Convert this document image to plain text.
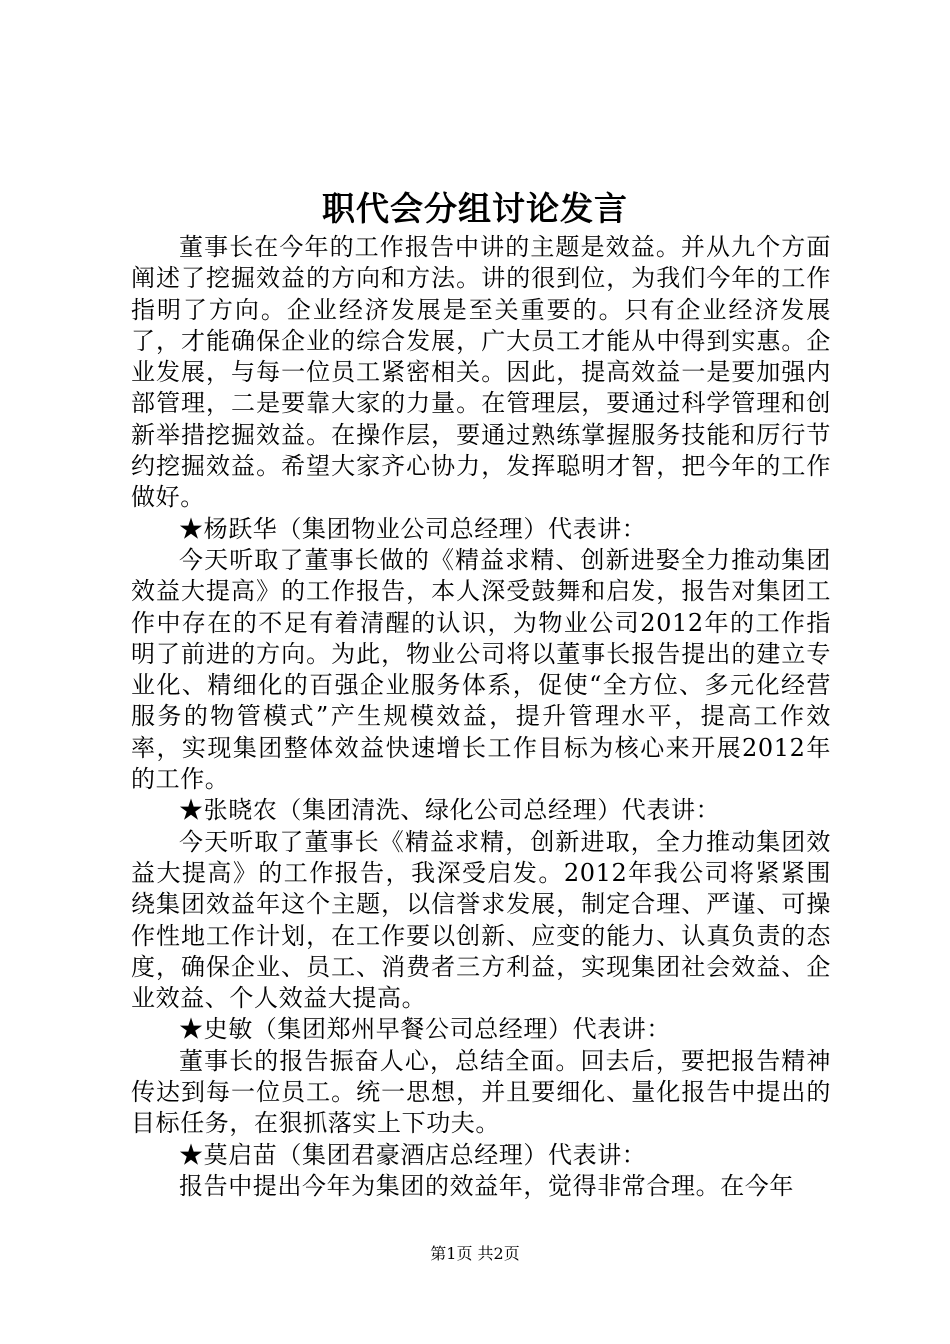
职代会分组讨论发言

董事长在今年的工作报告中讲的主题是效益。并从九个方面阐述了挖掘效益的方向和方法。讲的很到位，为我们今年的工作指明了方向。企业经济发展是至关重要的。只有企业经济发展了，才能确保企业的综合发展，广大员工才能从中得到实惠。企业发展，与每一位员工紧密相关。因此，提高效益一是要加强内部管理，二是要靠大家的力量。在管理层，要通过科学管理和创新举措挖掘效益。在操作层，要通过熟练掌握服务技能和厉行节约挖掘效益。希望大家齐心协力，发挥聪明才智，把今年的工作做好。

★杨跃华（集团物业公司总经理）代表讲：

今天听取了董事长做的《精益求精、创新进娶全力推动集团效益大提高》的工作报告，本人深受鼓舞和启发，报告对集团工作中存在的不足有着清醒的认识，为物业公司2012年的工作指明了前进的方向。为此，物业公司将以董事长报告提出的建立专业化、精细化的百强企业服务体系，促使“全方位、多元化经营服务的物管模式”产生规模效益，提升管理水平，提高工作效率，实现集团整体效益快速增长工作目标为核心来开展2012年的工作。

★张晓农（集团清洗、绿化公司总经理）代表讲：

今天听取了董事长《精益求精，创新进取，全力推动集团效益大提高》的工作报告，我深受启发。2012年我公司将紧紧围绕集团效益年这个主题，以信誉求发展，制定合理、严谨、可操作性地工作计划，在工作要以创新、应变的能力、认真负责的态度，确保企业、员工、消费者三方利益，实现集团社会效益、企业效益、个人效益大提高。

★史敏（集团郑州早餐公司总经理）代表讲：

董事长的报告振奋人心，总结全面。回去后，要把报告精神传达到每一位员工。统一思想，并且要细化、量化报告中提出的目标任务，在狠抓落实上下功夫。

★莫启苗（集团君豪酒店总经理）代表讲：

报告中提出今年为集团的效益年，觉得非常合理。在今年

第1页 共2页
